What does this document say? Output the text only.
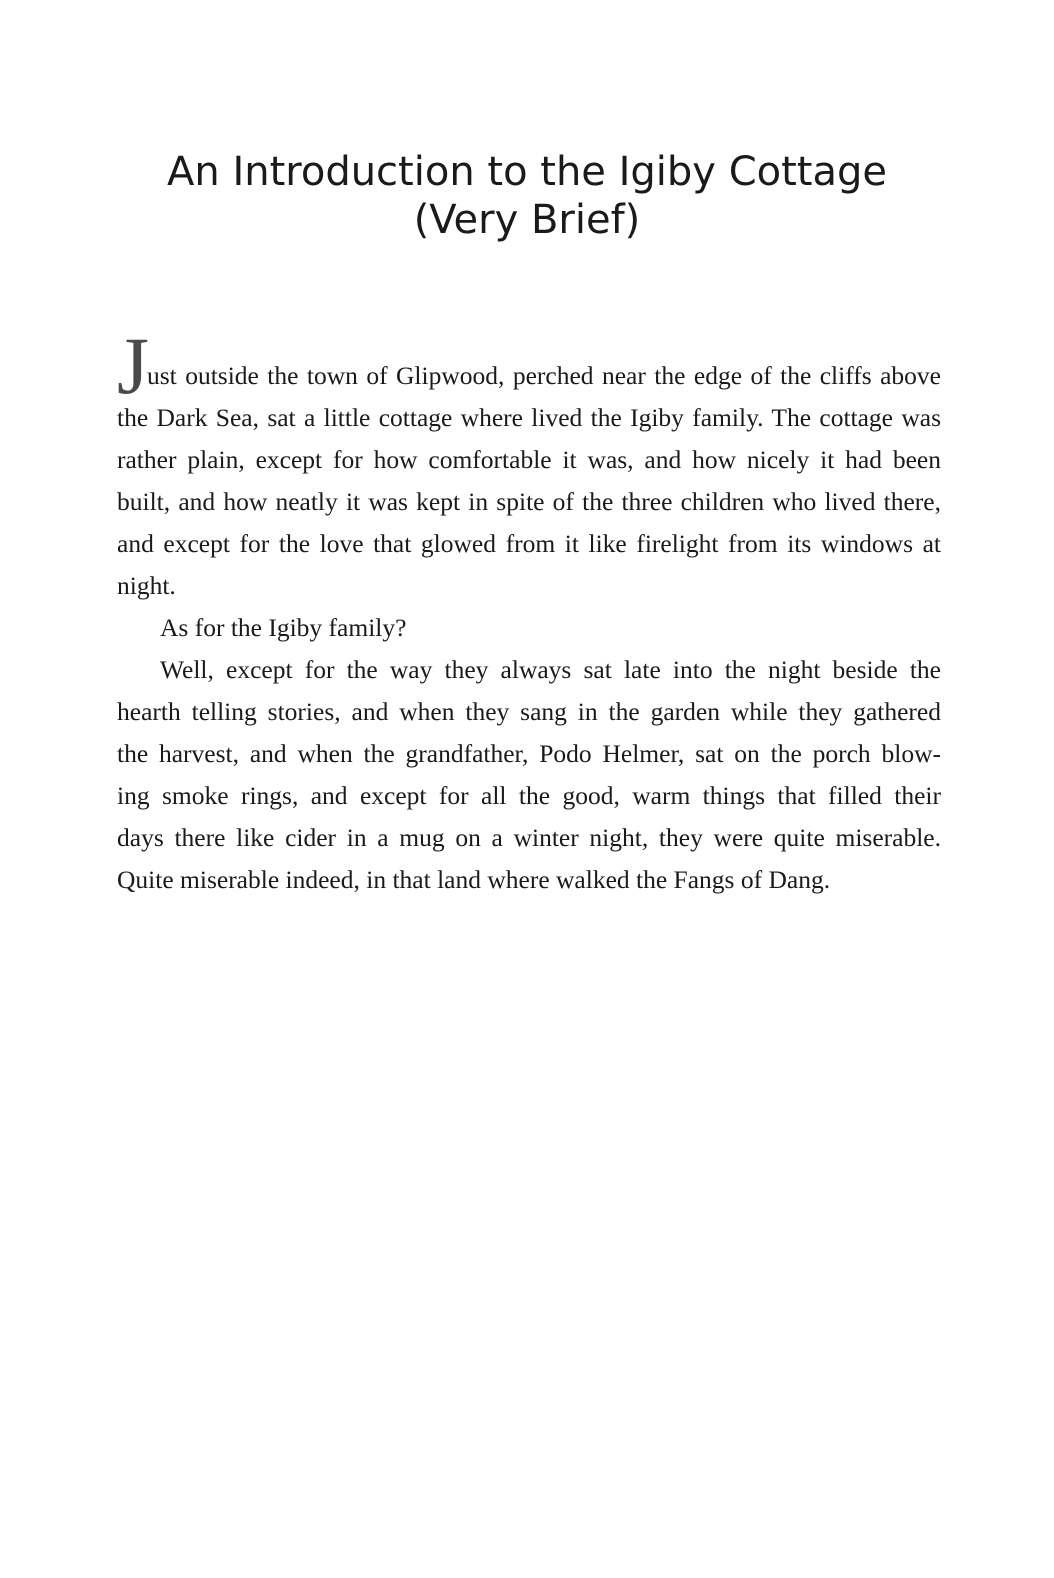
An Introduction to the Igiby Cottage
(Very Brief)
J
ust outside the town of Glipwood, perched near the edge of the cliffs above
the Dark Sea, sat a little cottage where lived the Igiby family. The cottage was
rather plain, except for how comfortable it was, and how nicely it had been
built, and how neatly it was kept in spite of the three children who lived there,
and except for the love that glowed from it like firelight from its windows at
night.
As for the Igiby family?
Well, except for the way they always sat late into the night beside the
hearth telling stories, and when they sang in the garden while they gathered
the harvest, and when the grandfather, Podo Helmer, sat on the porch blow-
ing smoke rings, and except for all the good, warm things that filled their
days there like cider in a mug on a winter night, they were quite miserable.
Quite miserable indeed, in that land where walked the Fangs of Dang.
